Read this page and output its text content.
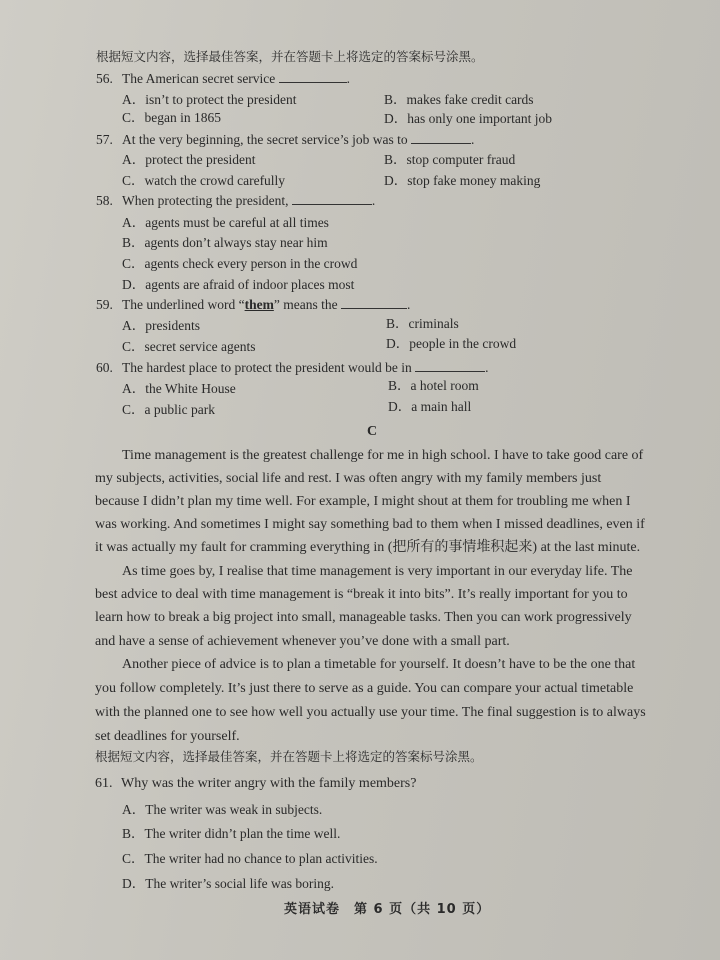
根据短文内容，选择最佳答案，并在答题卡上将选定的答案标号涂黑。
56. The American secret service	.
A．isn’t to protect the president	B．makes fake credit cards
C．began in 1865	D．has only one important job
57. At the very beginning, the secret service’s job was to	.
A．protect the president	B．stop computer fraud
C．watch the crowd carefully	D．stop fake money making
58. When protecting the president,	.
A．agents must be careful at all times
B．agents don’t always stay near him
C．agents check every person in the crowd
D．agents are afraid of indoor places most
59. The underlined word “them” means the	.
A．presidents	B．criminals
C．secret service agents	D．people in the crowd
60. The hardest place to protect the president would be in	.
A．the White House	B．a hotel room
C．a public park	D．a main hall
C
Time management is the greatest challenge for me in high school. I have to take good care of
my subjects, activities, social life and rest. I was often angry with my family members just
because I didn’t plan my time well. For example, I might shout at them for troubling me when I
was working. And sometimes I might say something bad to them when I missed deadlines, even if
it was actually my fault for cramming everything in (把所有的事情堆积起来) at the last minute.
As time goes by, I realise that time management is very important in our everyday life. The
best advice to deal with time management is “break it into bits”. It’s really important for you to
learn how to break a big project into small, manageable tasks. Then you can work progressively
and have a sense of achievement whenever you’ve done with a small part.
Another piece of advice is to plan a timetable for yourself. It doesn’t have to be the one that
you follow completely. It’s just there to serve as a guide. You can compare your actual timetable
with the planned one to see how well you actually use your time. The final suggestion is to always
set deadlines for yourself.
根据短文内容，选择最佳答案，并在答题卡上将选定的答案标号涂黑。
61. Why was the writer angry with the family members?
A．The writer was weak in subjects.
B．The writer didn’t plan the time well.
C．The writer had no chance to plan activities.
D．The writer’s social life was boring.
英语试卷　第 6 页（共 10 页）
